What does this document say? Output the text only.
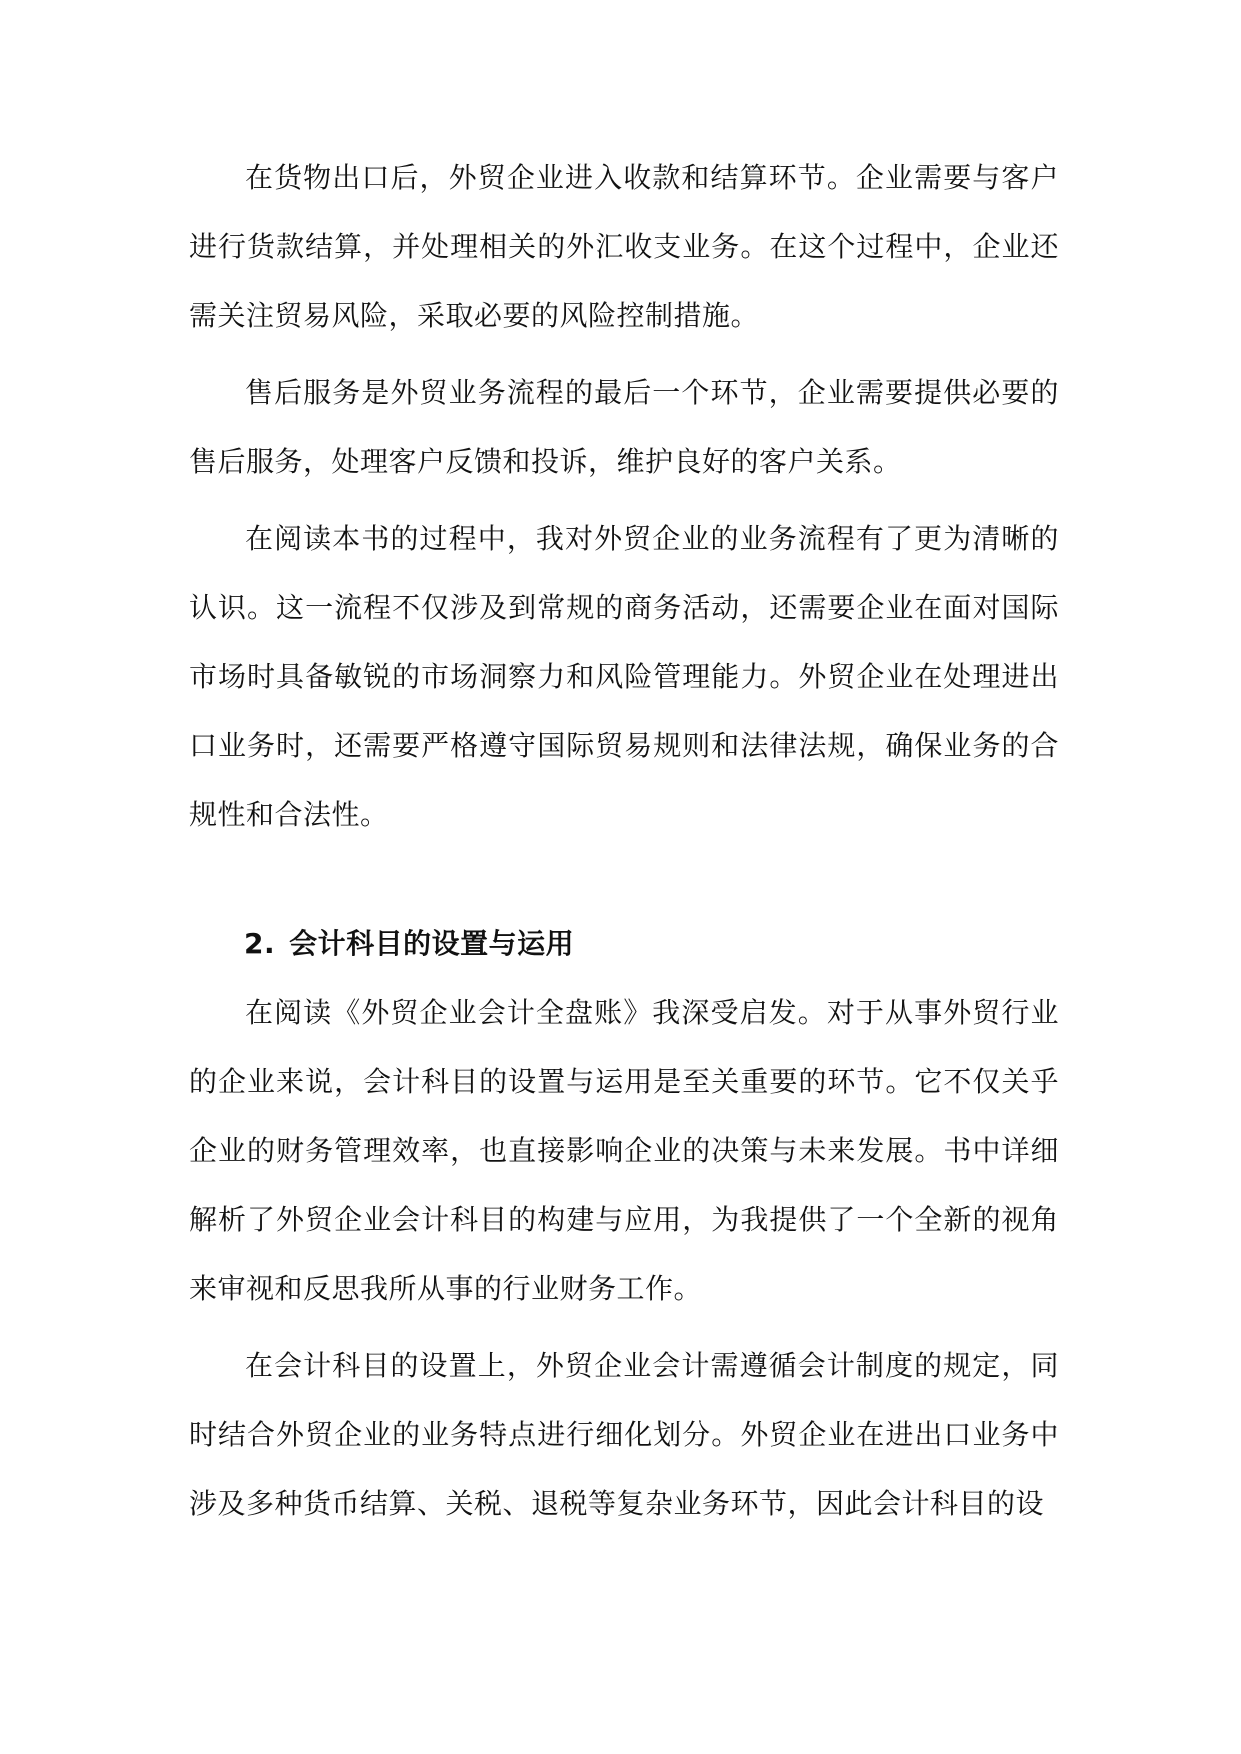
在货物出口后，外贸企业进入收款和结算环节。企业需要与客户进行货款结算，并处理相关的外汇收支业务。在这个过程中，企业还需关注贸易风险，采取必要的风险控制措施。

售后服务是外贸业务流程的最后一个环节，企业需要提供必要的售后服务，处理客户反馈和投诉，维护良好的客户关系。

在阅读本书的过程中，我对外贸企业的业务流程有了更为清晰的认识。这一流程不仅涉及到常规的商务活动，还需要企业在面对国际市场时具备敏锐的市场洞察力和风险管理能力。外贸企业在处理进出口业务时，还需要严格遵守国际贸易规则和法律法规，确保业务的合规性和合法性。

2. 会计科目的设置与运用

在阅读《外贸企业会计全盘账》我深受启发。对于从事外贸行业的企业来说，会计科目的设置与运用是至关重要的环节。它不仅关乎企业的财务管理效率，也直接影响企业的决策与未来发展。书中详细解析了外贸企业会计科目的构建与应用，为我提供了一个全新的视角来审视和反思我所从事的行业财务工作。

在会计科目的设置上，外贸企业会计需遵循会计制度的规定，同时结合外贸企业的业务特点进行细化划分。外贸企业在进出口业务中涉及多种货币结算、关税、退税等复杂业务环节，因此会计科目的设
